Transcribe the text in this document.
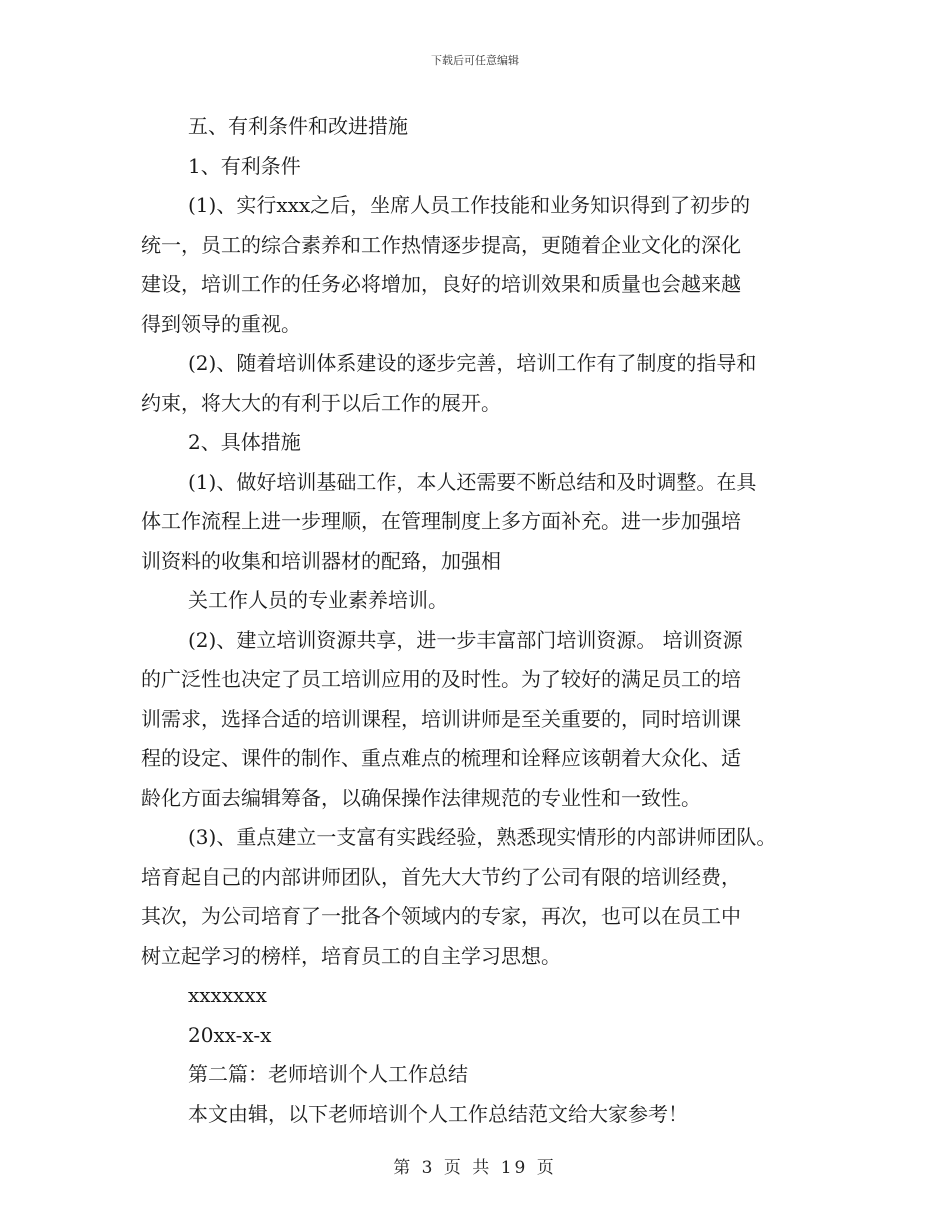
下载后可任意编辑
五、有利条件和改进措施
1、有利条件
(1)、实行xxx之后，坐席人员工作技能和业务知识得到了初步的
统一，员工的综合素养和工作热情逐步提高，更随着企业文化的深化
建设，培训工作的任务必将增加，良好的培训效果和质量也会越来越
得到领导的重视。
(2)、随着培训体系建设的逐步完善，培训工作有了制度的指导和
约束，将大大的有利于以后工作的展开。
2、具体措施
(1)、做好培训基础工作，本人还需要不断总结和及时调整。在具
体工作流程上进一步理顺，在管理制度上多方面补充。进一步加强培
训资料的收集和培训器材的配臵，加强相
关工作人员的专业素养培训。
(2)、建立培训资源共享，进一步丰富部门培训资源。 培训资源
的广泛性也决定了员工培训应用的及时性。为了较好的满足员工的培
训需求，选择合适的培训课程，培训讲师是至关重要的，同时培训课
程的设定、课件的制作、重点难点的梳理和诠释应该朝着大众化、适
龄化方面去编辑筹备，以确保操作法律规范的专业性和一致性。
(3)、重点建立一支富有实践经验，熟悉现实情形的内部讲师团队。
培育起自己的内部讲师团队，首先大大节约了公司有限的培训经费，
其次，为公司培育了一批各个领域内的专家，再次，也可以在员工中
树立起学习的榜样，培育员工的自主学习思想。
xxxxxxx
20xx-x-x
第二篇：老师培训个人工作总结
本文由辑，以下老师培训个人工作总结范文给大家参考！
第 3 页 共 19 页
